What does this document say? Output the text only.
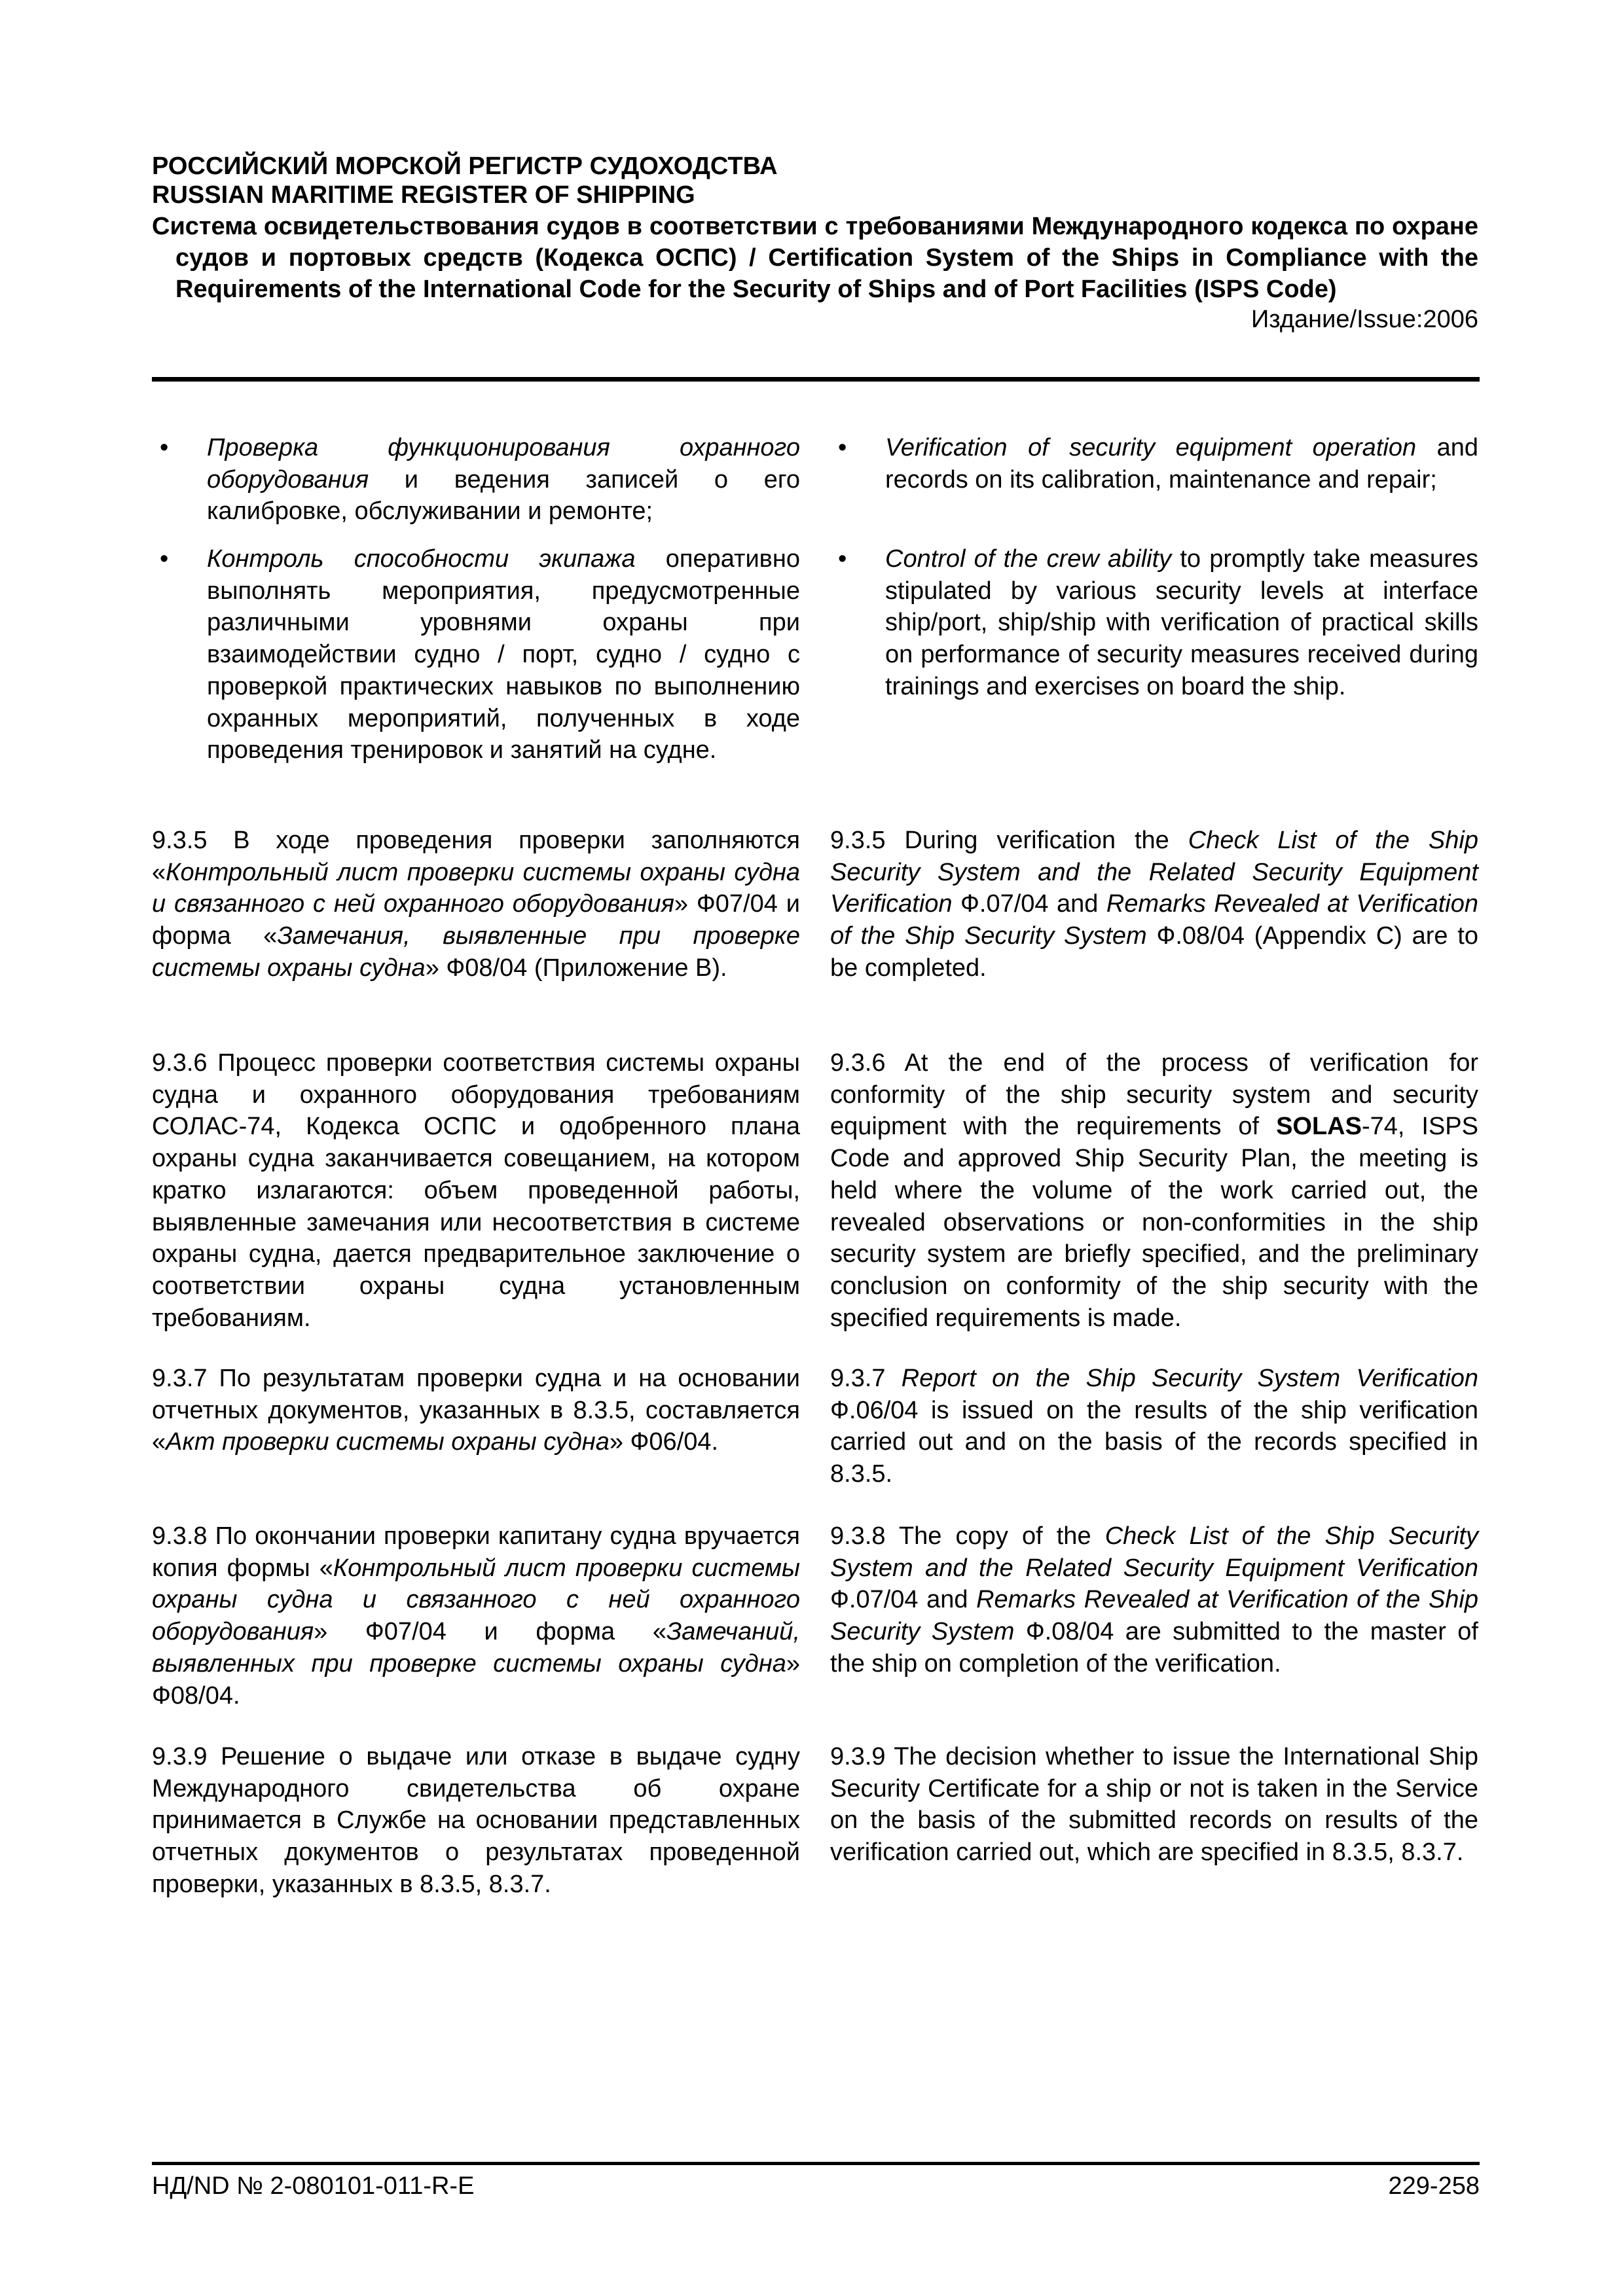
РОССИЙСКИЙ МОРСКОЙ РЕГИСТР СУДОХОДСТВА
RUSSIAN MARITIME REGISTER OF SHIPPING
Система освидетельствования судов в соответствии с требованиями Международного кодекса по охране судов и портовых средств (Кодекса ОСПС) / Certification System of the Ships in Compliance with the Requirements of the International Code for the Security of Ships and of Port Facilities (ISPS Code)
Издание/Issue:2006
• Проверка функционирования охранного оборудования и ведения записей о его калибровке, обслуживании и ремонте;
• Контроль способности экипажа оперативно выполнять мероприятия, предусмотренные различными уровнями охраны при взаимодействии судно / порт, судно / судно с проверкой практических навыков по выполнению охранных мероприятий, полученных в ходе проведения тренировок и занятий на судне.
9.3.5 В ходе проведения проверки заполняются «Контрольный лист проверки системы охраны судна и связанного с ней охранного оборудования» Ф07/04 и форма «Замечания, выявленные при проверке системы охраны судна» Ф08/04 (Приложение В).
9.3.6 Процесс проверки соответствия системы охраны судна и охранного оборудования требованиям СОЛАС-74, Кодекса ОСПС и одобренного плана охраны судна заканчивается совещанием, на котором кратко излагаются: объем проведенной работы, выявленные замечания или несоответствия в системе охраны судна, дается предварительное заключение о соответствии охраны судна установленным требованиям.
9.3.7 По результатам проверки судна и на основании отчетных документов, указанных в 8.3.5, составляется «Акт проверки системы охраны судна» Ф06/04.
9.3.8 По окончании проверки капитану судна вручается копия формы «Контрольный лист проверки системы охраны судна и связанного с ней охранного оборудования» Ф07/04 и форма «Замечаний, выявленных при проверке системы охраны судна» Ф08/04.
9.3.9 Решение о выдаче или отказе в выдаче судну Международного свидетельства об охране принимается в Службе на основании представленных отчетных документов о результатах проведенной проверки, указанных в 8.3.5, 8.3.7.
• Verification of security equipment operation and records on its calibration, maintenance and repair;
• Control of the crew ability to promptly take measures stipulated by various security levels at interface ship/port, ship/ship with verification of practical skills on performance of security measures received during trainings and exercises on board the ship.
9.3.5 During verification the Check List of the Ship Security System and the Related Security Equipment Verification Ф.07/04 and Remarks Revealed at Verification of the Ship Security System Ф.08/04 (Appendix C) are to be completed.
9.3.6 At the end of the process of verification for conformity of the ship security system and security equipment with the requirements of SOLAS-74, ISPS Code and approved Ship Security Plan, the meeting is held where the volume of the work carried out, the revealed observations or non-conformities in the ship security system are briefly specified, and the preliminary conclusion on conformity of the ship security with the specified requirements is made.
9.3.7 Report on the Ship Security System Verification Ф.06/04 is issued on the results of the ship verification carried out and on the basis of the records specified in 8.3.5.
9.3.8 The copy of the Check List of the Ship Security System and the Related Security Equipment Verification Ф.07/04 and Remarks Revealed at Verification of the Ship Security System Ф.08/04 are submitted to the master of the ship on completion of the verification.
9.3.9 The decision whether to issue the International Ship Security Certificate for a ship or not is taken in the Service on the basis of the submitted records on results of the verification carried out, which are specified in 8.3.5, 8.3.7.
НД/ND № 2-080101-011-R-E	229-258
